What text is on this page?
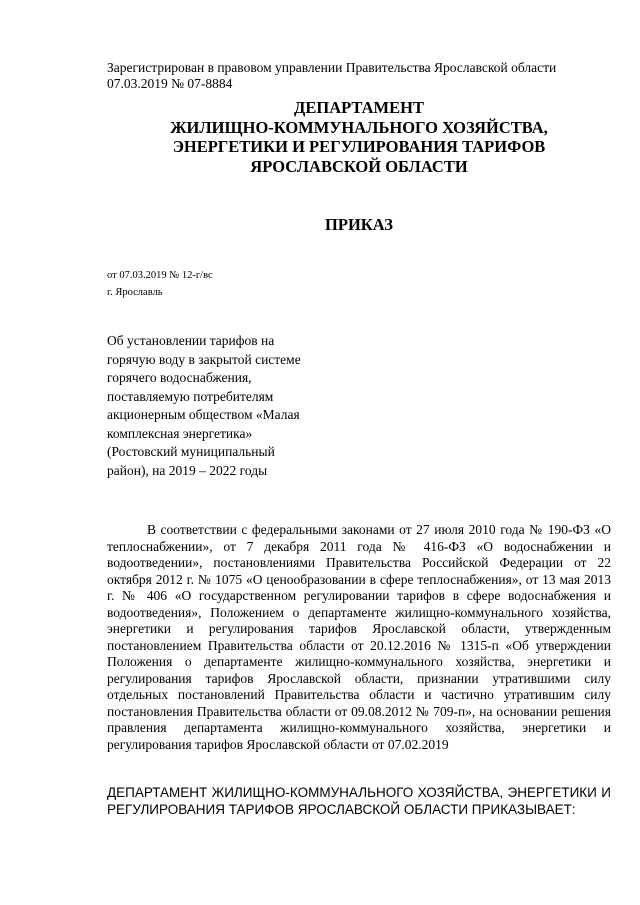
Зарегистрирован в правовом управлении Правительства Ярославской области
07.03.2019 № 07-8884
ДЕПАРТАМЕНТ
ЖИЛИЩНО-КОММУНАЛЬНОГО ХОЗЯЙСТВА,
ЭНЕРГЕТИКИ И РЕГУЛИРОВАНИЯ ТАРИФОВ
ЯРОСЛАВСКОЙ ОБЛАСТИ
ПРИКАЗ
от 07.03.2019 № 12-г/вс
г. Ярославль
Об установлении тарифов на горячую воду в закрытой системе горячего водоснабжения, поставляемую потребителям акционерным обществом «Малая комплексная энергетика» (Ростовский муниципальный район), на 2019 – 2022 годы
В соответствии с федеральными законами от 27 июля 2010 года № 190-ФЗ «О теплоснабжении», от 7 декабря 2011 года № 416-ФЗ «О водоснабжении и водоотведении», постановлениями Правительства Российской Федерации от 22 октября 2012 г. № 1075 «О ценообразовании в сфере теплоснабжения», от 13 мая 2013 г. № 406 «О государственном регулировании тарифов в сфере водоснабжения и водоотведения», Положением о департаменте жилищно-коммунального хозяйства, энергетики и регулирования тарифов Ярославской области, утвержденным постановлением Правительства области от 20.12.2016 № 1315-п «Об утверждении Положения о департаменте жилищно-коммунального хозяйства, энергетики и регулирования тарифов Ярославской области, признании утратившими силу отдельных постановлений Правительства области и частично утратившим силу постановления Правительства области от 09.08.2012 № 709-п», на основании решения правления департамента жилищно-коммунального хозяйства, энергетики и регулирования тарифов Ярославской области от 07.02.2019
ДЕПАРТАМЕНТ ЖИЛИЩНО-КОММУНАЛЬНОГО ХОЗЯЙСТВА, ЭНЕРГЕТИКИ И РЕГУЛИРОВАНИЯ ТАРИФОВ ЯРОСЛАВСКОЙ ОБЛАСТИ ПРИКАЗЫВАЕТ:
